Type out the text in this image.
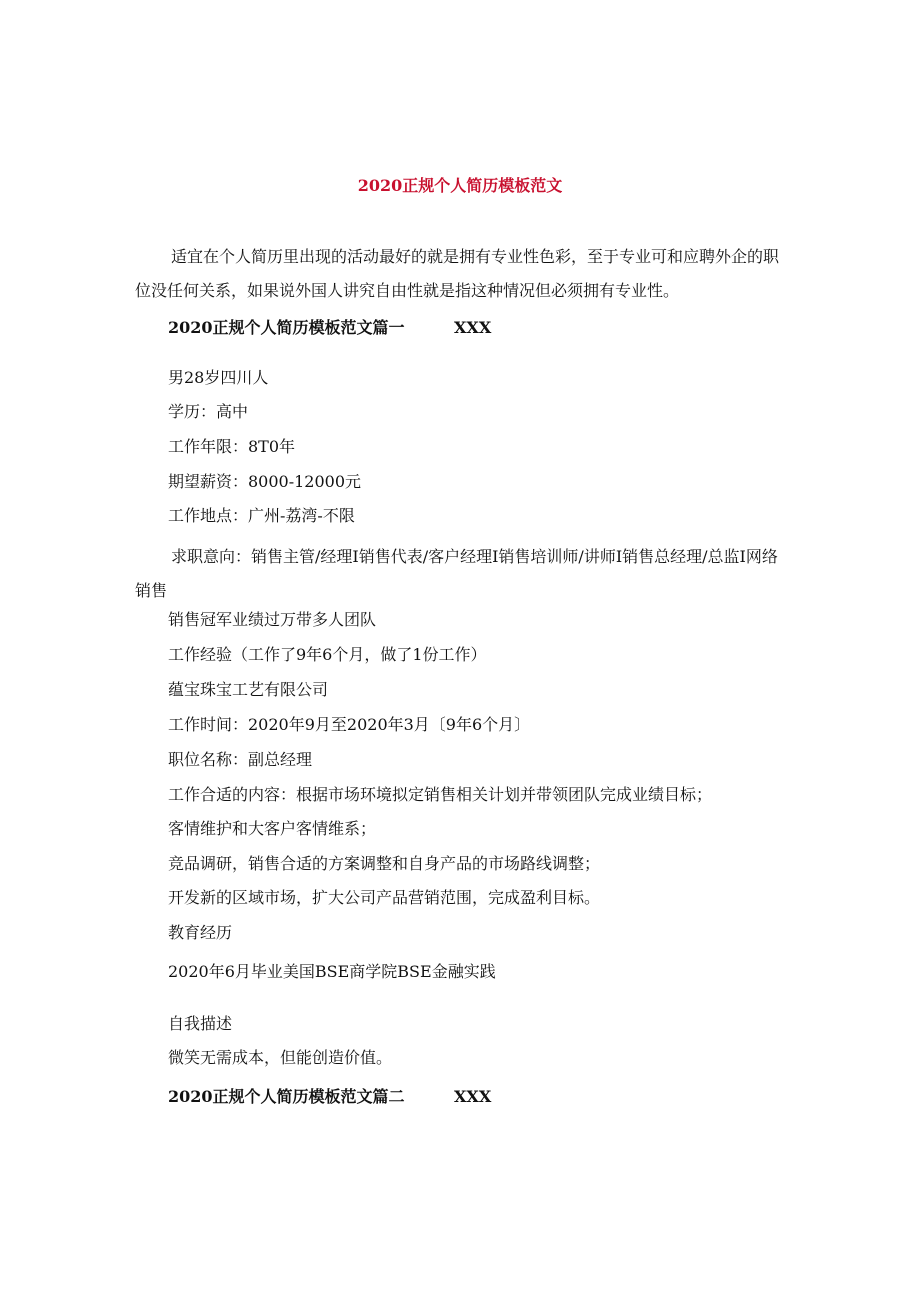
2020正规个人简历模板范文
适宜在个人简历里出现的活动最好的就是拥有专业性色彩，至于专业可和应聘外企的职位没任何关系，如果说外国人讲究自由性就是指这种情况但必须拥有专业性。
2020正规个人简历模板范文篇一	XXX
男28岁四川人
学历：高中
工作年限：8T0年
期望薪资：8000-12000元
工作地点：广州-荔湾-不限
求职意向：销售主管/经理I销售代表/客户经理I销售培训师/讲师I销售总经理/总监I网络销售
销售冠军业绩过万带多人团队
工作经验（工作了9年6个月，做了1份工作）
蕴宝珠宝工艺有限公司
工作时间：2020年9月至2020年3月〔9年6个月〕
职位名称：副总经理
工作合适的内容：根据市场环境拟定销售相关计划并带领团队完成业绩目标；
客情维护和大客户客情维系；
竞品调研，销售合适的方案调整和自身产品的市场路线调整；
开发新的区域市场，扩大公司产品营销范围，完成盈利目标。
教育经历
2020年6月毕业美国BSE商学院BSE金融实践
自我描述
微笑无需成本，但能创造价值。
2020正规个人简历模板范文篇二	XXX
